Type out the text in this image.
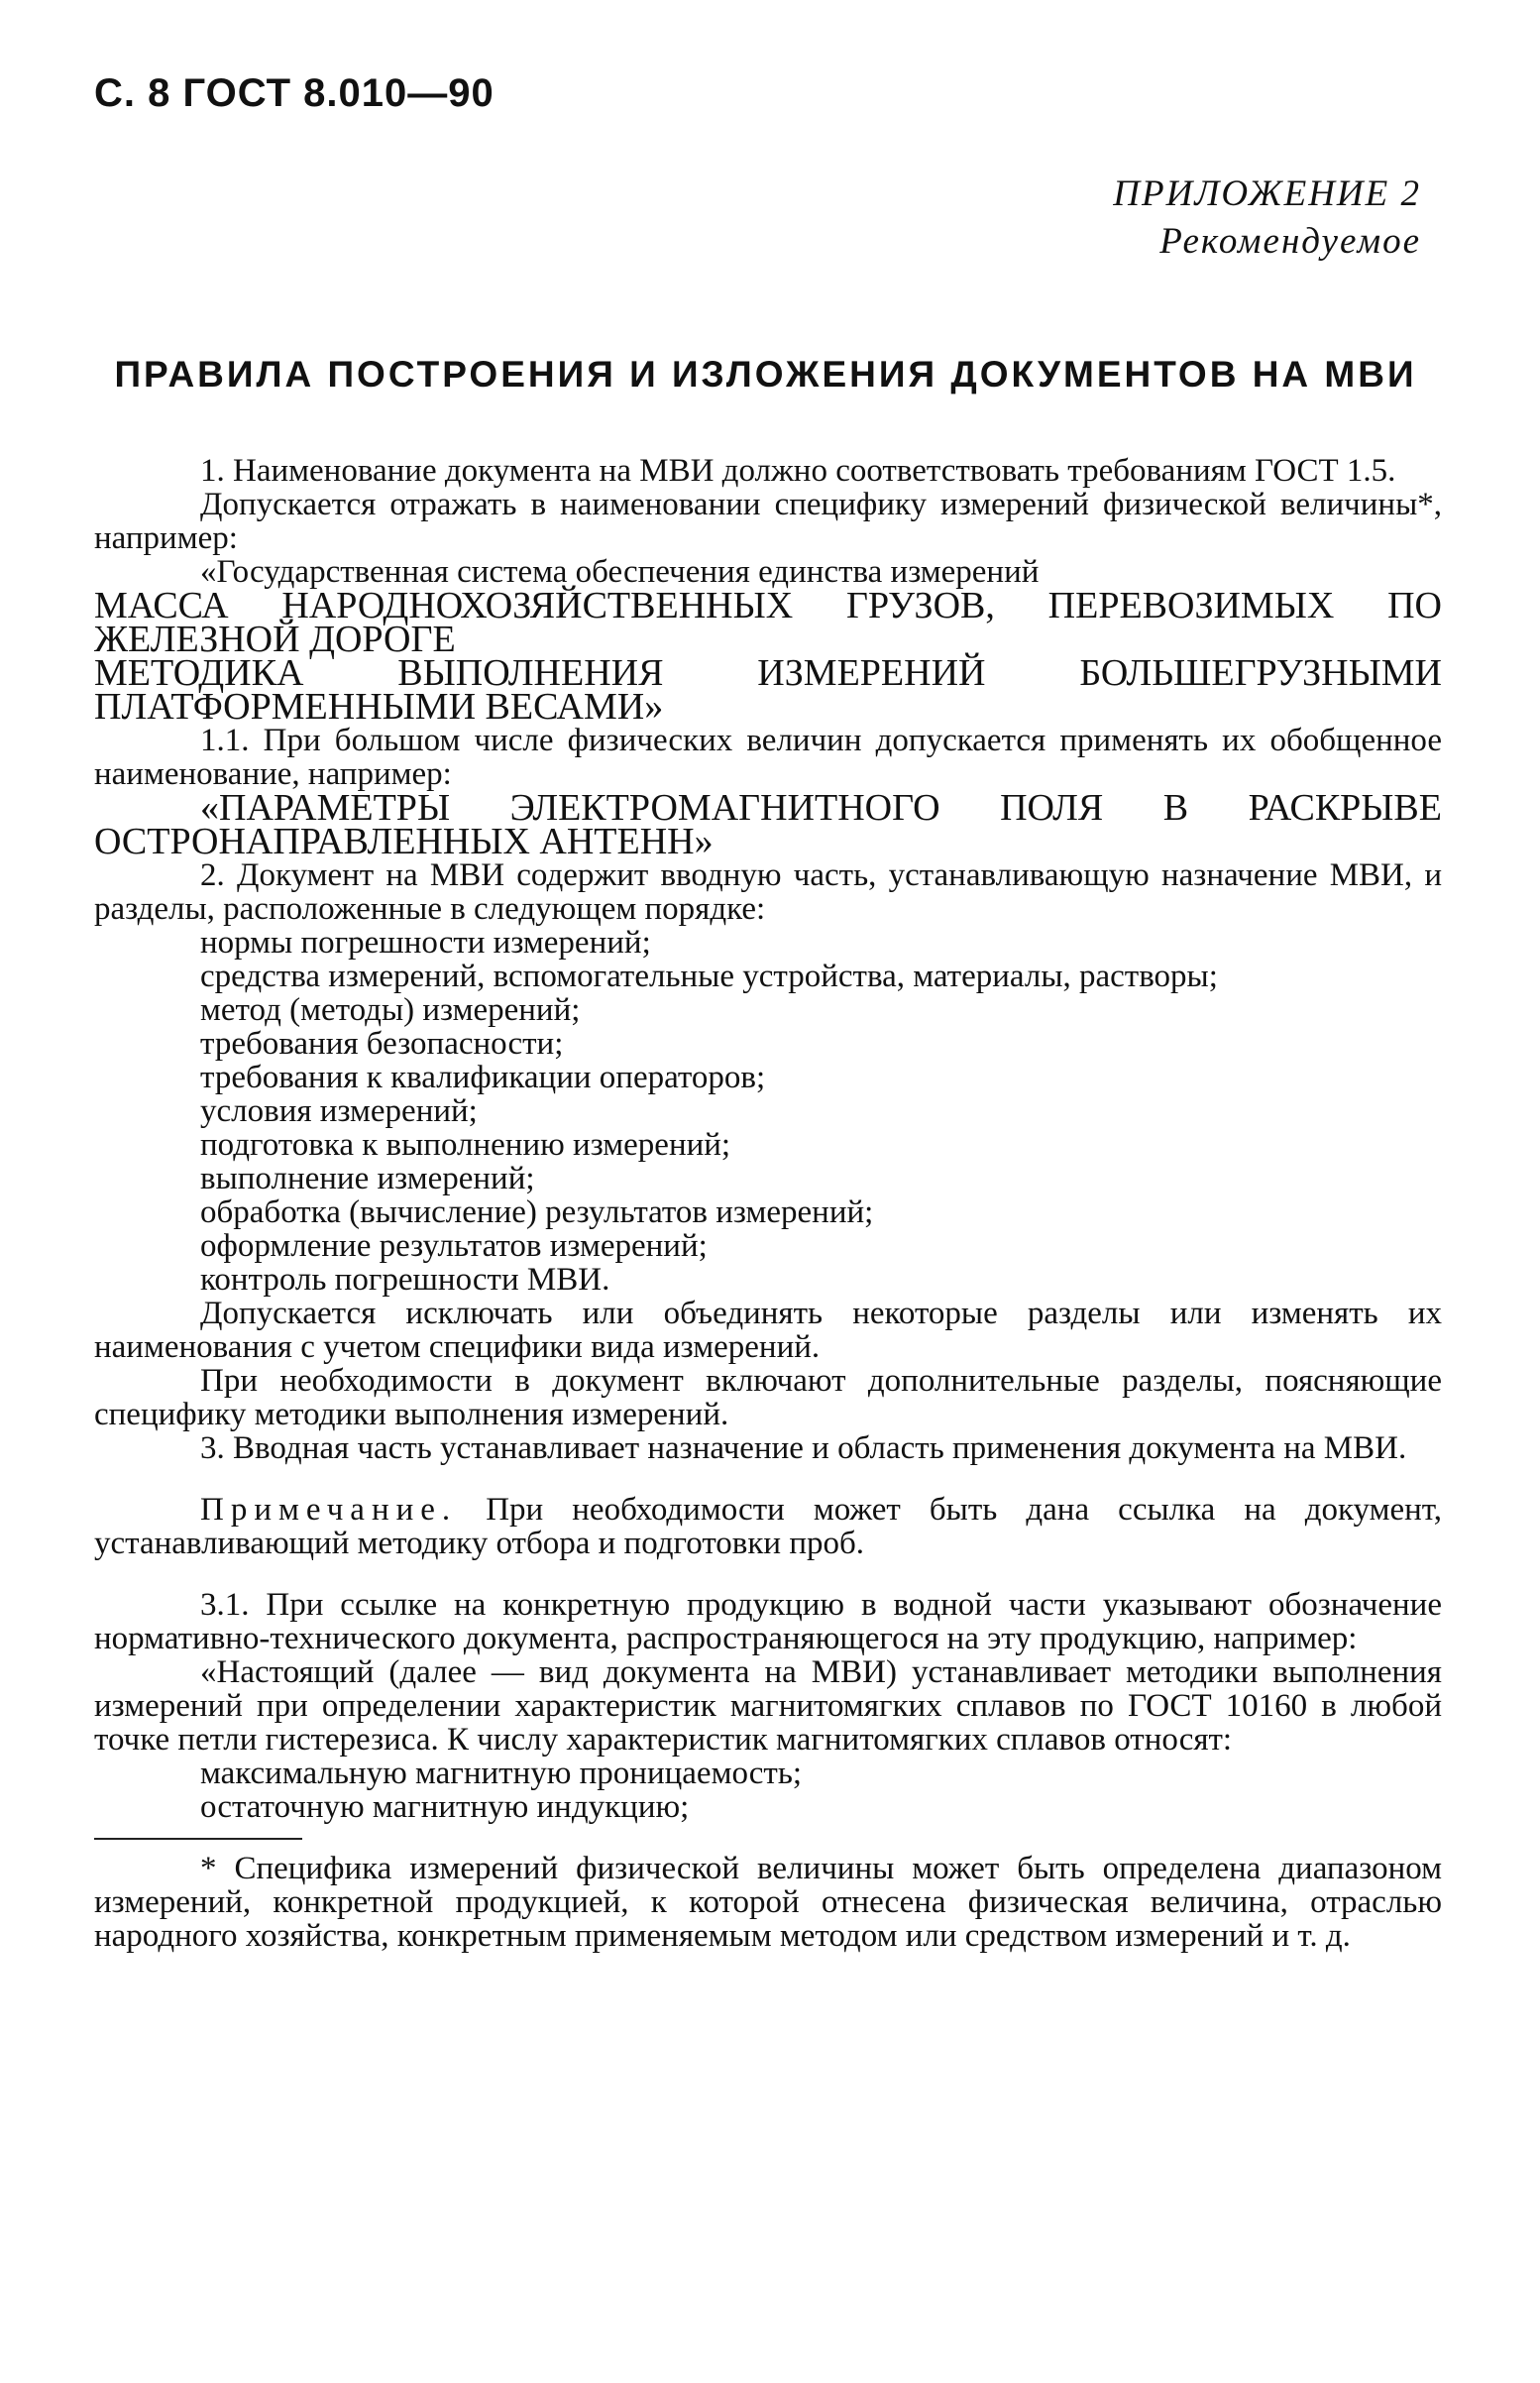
С. 8 ГОСТ 8.010—90
ПРИЛОЖЕНИЕ 2
Рекомендуемое
ПРАВИЛА ПОСТРОЕНИЯ И ИЗЛОЖЕНИЯ ДОКУМЕНТОВ НА МВИ

1. Наименование документа на МВИ должно соответствовать требованиям ГОСТ 1.5.

Допускается отражать в наименовании специфику измерений физической величины*, например:

«Государственная система обеспечения единства измерений

МАССА НАРОДНОХОЗЯЙСТВЕННЫХ ГРУЗОВ, ПЕРЕВОЗИМЫХ ПО ЖЕЛЕЗНОЙ ДОРОГЕ

МЕТОДИКА ВЫПОЛНЕНИЯ ИЗМЕРЕНИЙ БОЛЬШЕГРУЗНЫМИ ПЛАТФОРМЕННЫМИ ВЕСАМИ»

1.1. При большом числе физических величин допускается применять их обобщенное наименование, например:

«ПАРАМЕТРЫ ЭЛЕКТРОМАГНИТНОГО ПОЛЯ В РАСКРЫВЕ ОСТРОНАПРАВЛЕННЫХ АНТЕНН»

2. Документ на МВИ содержит вводную часть, устанавливающую назначение МВИ, и разделы, расположенные в следующем порядке:

нормы погрешности измерений;
средства измерений, вспомогательные устройства, материалы, растворы;
метод (методы) измерений;
требования безопасности;
требования к квалификации операторов;
условия измерений;
подготовка к выполнению измерений;
выполнение измерений;
обработка (вычисление) результатов измерений;
оформление результатов измерений;
контроль погрешности МВИ.

Допускается исключать или объединять некоторые разделы или изменять их наименования с учетом специфики вида измерений.

При необходимости в документ включают дополнительные разделы, поясняющие специфику методики выполнения измерений.

3. Вводная часть устанавливает назначение и область применения документа на МВИ.

Примечание. При необходимости может быть дана ссылка на документ, устанавливающий методику отбора и подготовки проб.

3.1. При ссылке на конкретную продукцию в водной части указывают обозначение нормативно-технического документа, распространяющегося на эту продукцию, например:

«Настоящий (далее — вид документа на МВИ) устанавливает методики выполнения измерений при определении характеристик магнитомягких сплавов по ГОСТ 10160 в любой точке петли гистерезиса. К числу характеристик магнитомягких сплавов относят:

максимальную магнитную проницаемость;
остаточную магнитную индукцию;

* Специфика измерений физической величины может быть определена диапазоном измерений, конкретной продукцией, к которой отнесена физическая величина, отраслью народного хозяйства, конкретным применяемым методом или средством измерений и т. д.
